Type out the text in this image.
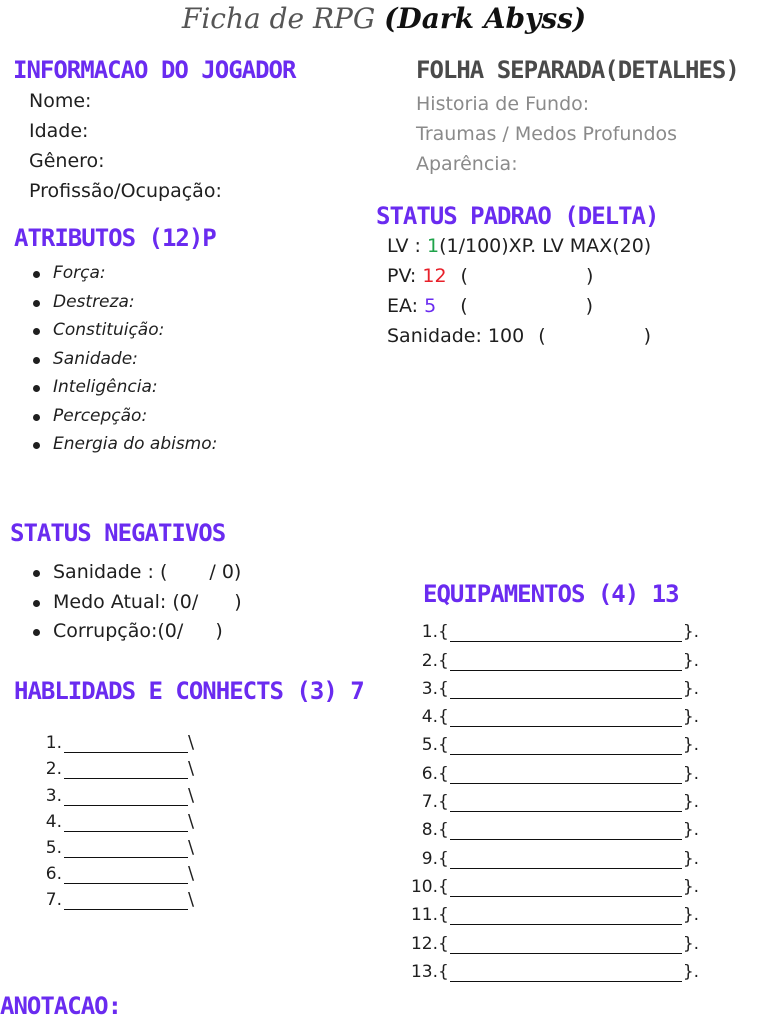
Ficha de RPG (Dark Abyss)
INFORMACAO DO JOGADOR
Nome:
Idade:
Gênero:
Profissão/Ocupação:
FOLHA SEPARADA(DETALHES)
Historia de Fundo:
Traumas / Medos Profundos
Aparência:
STATUS PADRAO (DELTA)
LV : 1(1/100)XP. LV MAX(20)
PV: 12 (	)
EA: 5 (	)
Sanidade: 100 (	)
ATRIBUTOS (12)P
Força:
Destreza:
Constituição:
Sanidade:
Inteligência:
Percepção:
Energia do abismo:
STATUS NEGATIVOS
Sanidade : ( / 0)
Medo Atual: (0/ )
Corrupção:(0/ )
EQUIPAMENTOS (4) 13
1. {	}.
2. {	}.
3. {	}.
4. {	}.
5. {	}.
6. {	}.
7. {	}.
8. {	}.
9. {	}.
10. {	}.
11. {	}.
12. {	}.
13. {	}.
HABLIDADS E CONHECTS (3) 7
1.	\
2.	\
3.	\
4.	\
5.	\
6.	\
7.	\
ANOTACAO:
